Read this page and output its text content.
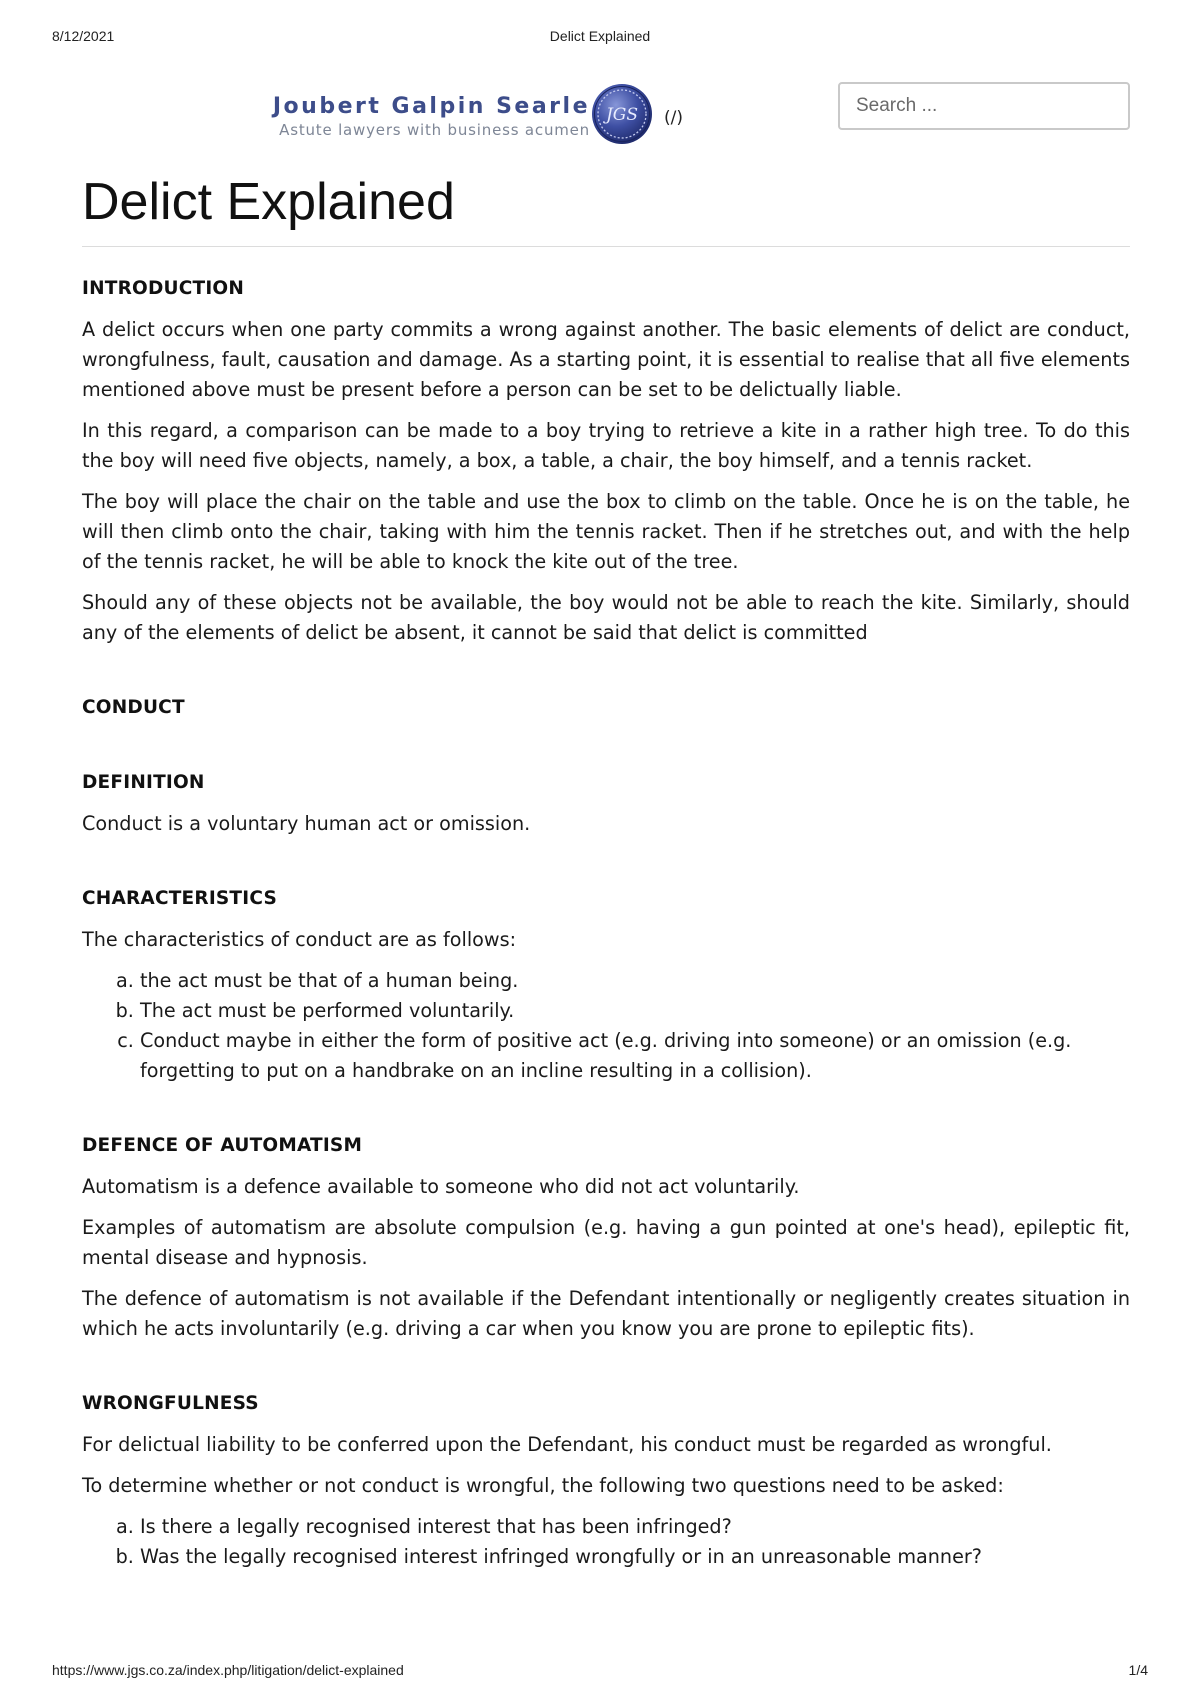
8/12/2021	Delict Explained
Joubert Galpin Searle
Astute lawyers with business acumen
JGS (/)
Search ...
Delict Explained
INTRODUCTION

A delict occurs when one party commits a wrong against another. The basic elements of delict are conduct, wrongfulness, fault, causation and damage. As a starting point, it is essential to realise that all five elements mentioned above must be present before a person can be set to be delictually liable.

In this regard, a comparison can be made to a boy trying to retrieve a kite in a rather high tree. To do this the boy will need five objects, namely, a box, a table, a chair, the boy himself, and a tennis racket.

The boy will place the chair on the table and use the box to climb on the table. Once he is on the table, he will then climb onto the chair, taking with him the tennis racket. Then if he stretches out, and with the help of the tennis racket, he will be able to knock the kite out of the tree.

Should any of these objects not be available, the boy would not be able to reach the kite. Similarly, should any of the elements of delict be absent, it cannot be said that delict is committed

CONDUCT
DEFINITION

Conduct is a voluntary human act or omission.

CHARACTERISTICS

The characteristics of conduct are as follows:

a. the act must be that of a human being.
b. The act must be performed voluntarily.
c. Conduct maybe in either the form of positive act (e.g. driving into someone) or an omission (e.g. forgetting to put on a handbrake on an incline resulting in a collision).
DEFENCE OF AUTOMATISM

Automatism is a defence available to someone who did not act voluntarily.

Examples of automatism are absolute compulsion (e.g. having a gun pointed at one's head), epileptic fit, mental disease and hypnosis.

The defence of automatism is not available if the Defendant intentionally or negligently creates situation in which he acts involuntarily (e.g. driving a car when you know you are prone to epileptic fits).

WRONGFULNESS

For delictual liability to be conferred upon the Defendant, his conduct must be regarded as wrongful.

To determine whether or not conduct is wrongful, the following two questions need to be asked:

a. Is there a legally recognised interest that has been infringed?
b. Was the legally recognised interest infringed wrongfully or in an unreasonable manner?
https://www.jgs.co.za/index.php/litigation/delict-explained	1/4
